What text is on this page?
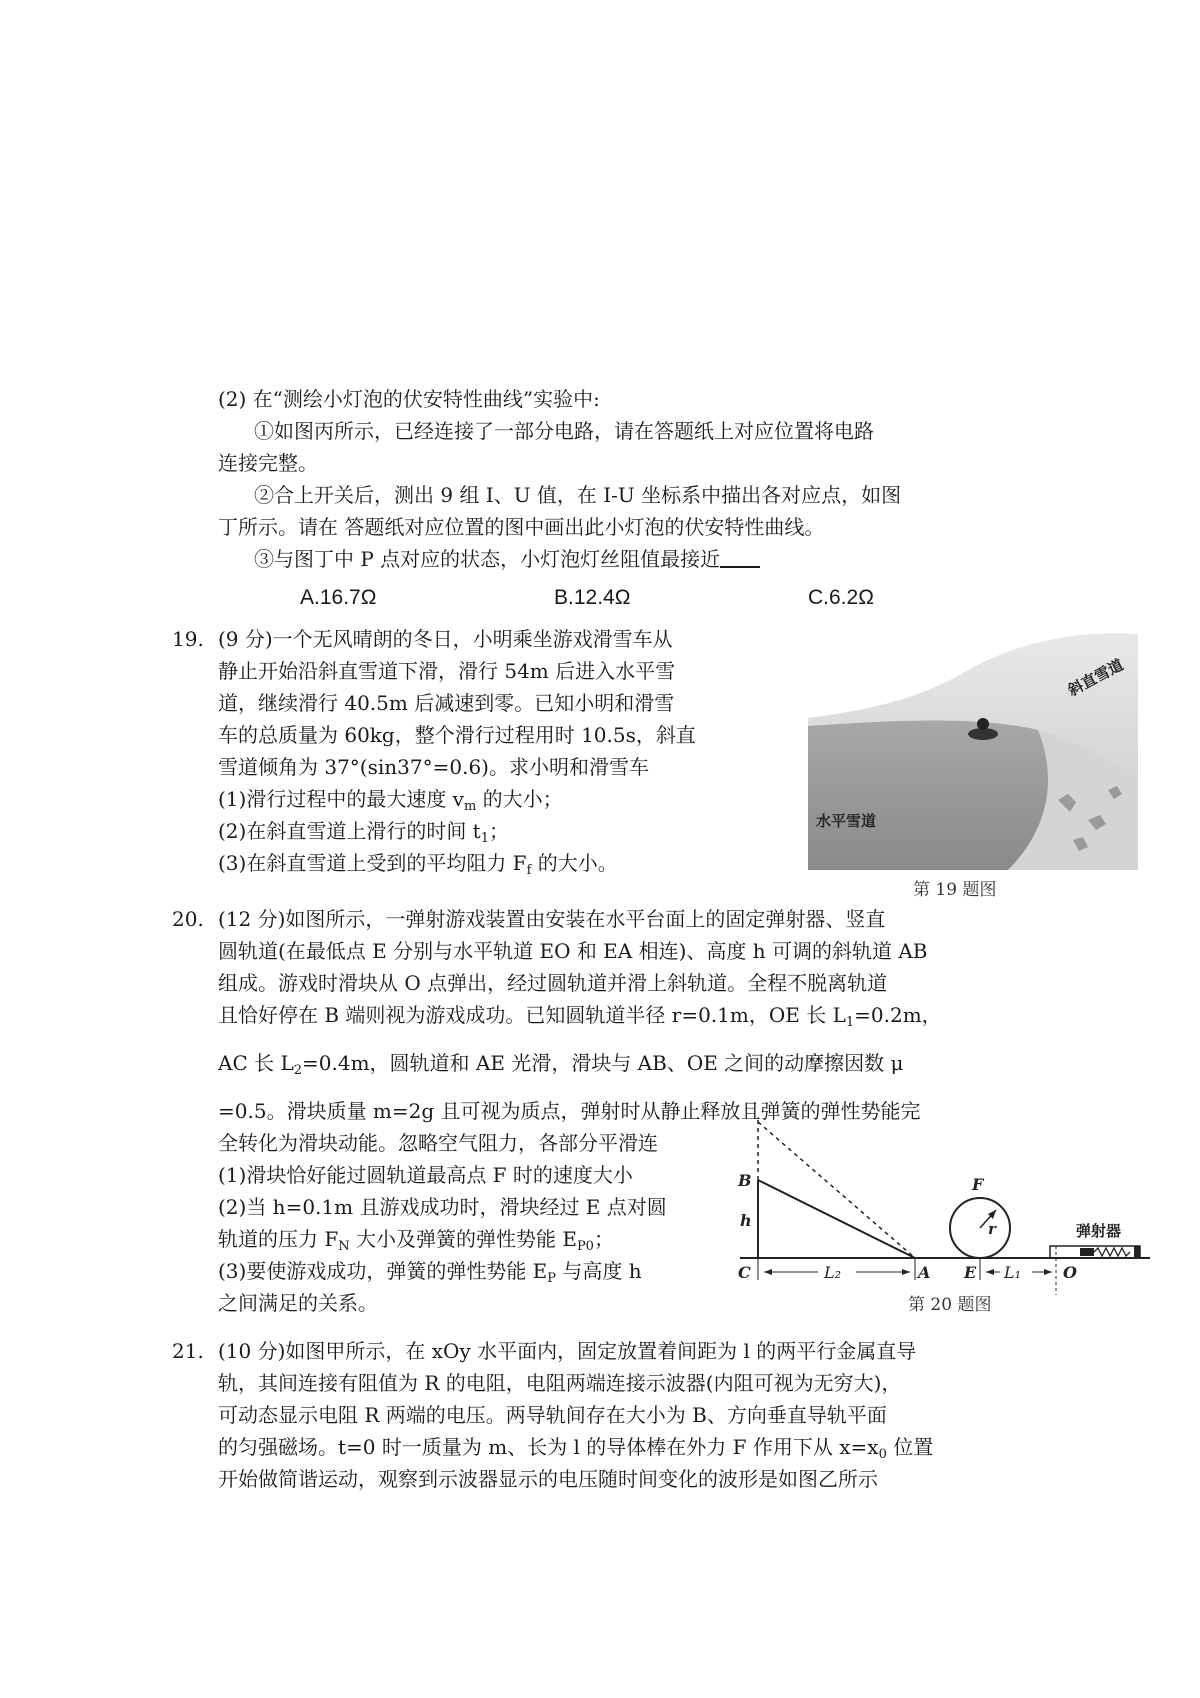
(2) 在“测绘小灯泡的伏安特性曲线”实验中:
①如图丙所示，已经连接了一部分电路，请在答题纸上对应位置将电路
连接完整。
②合上开关后，测出 9 组 I、U 值，在 I-U 坐标系中描出各对应点，如图
丁所示。请在 答题纸对应位置的图中画出此小灯泡的伏安特性曲线。
③与图丁中 P 点对应的状态，小灯泡灯丝阻值最接近
A.16.7Ω	B.12.4Ω	C.6.2Ω
19. (9 分)一个无风晴朗的冬日，小明乘坐游戏滑雪车从
静止开始沿斜直雪道下滑，滑行 54m 后进入水平雪
道，继续滑行 40.5m 后减速到零。已知小明和滑雪
车的总质量为 60kg，整个滑行过程用时 10.5s，斜直
雪道倾角为 37°(sin37°=0.6)。求小明和滑雪车
(1)滑行过程中的最大速度 $v_m$ 的大小；
(2)在斜直雪道上滑行的时间 $t_1$；
(3)在斜直雪道上受到的平均阻力 $F_f$ 的大小。
斜直雪道
水平雪道
第 19 题图
20. (12 分)如图所示，一弹射游戏装置由安装在水平台面上的固定弹射器、竖直
圆轨道(在最低点 E 分别与水平轨道 EO 和 EA 相连)、高度 h 可调的斜轨道 AB
组成。游戏时滑块从 O 点弹出，经过圆轨道并滑上斜轨道。全程不脱离轨道
且恰好停在 B 端则视为游戏成功。已知圆轨道半径 r=0.1m，OE 长 $L_1=0.2m$，
AC 长 $L_2=0.4m$，圆轨道和 AE 光滑，滑块与 AB、OE 之间的动摩擦因数 μ
=0.5。滑块质量 m=2g 且可视为质点，弹射时从静止释放且弹簧的弹性势能完
全转化为滑块动能。忽略空气阻力，各部分平滑连
(1)滑块恰好能过圆轨道最高点 F 时的速度大小
(2)当 h=0.1m 且游戏成功时，滑块经过 E 点对圆
轨道的压力 $F_N$ 大小及弹簧的弹性势能 $E_{P0}$；
(3)要使游戏成功，弹簧的弹性势能 $E_P$ 与高度 h
之间满足的关系。
B
h
C	A E	O
F
r
L₂	L₁
弹射器
第 20 题图
21. (10 分)如图甲所示，在 xOy 水平面内，固定放置着间距为 l 的两平行金属直导
轨，其间连接有阻值为 R 的电阻，电阻两端连接示波器(内阻可视为无穷大)，
可动态显示电阻 R 两端的电压。两导轨间存在大小为 B、方向垂直导轨平面
的匀强磁场。t=0 时一质量为 m、长为 l 的导体棒在外力 F 作用下从 $x=x_0$ 位置
开始做简谐运动，观察到示波器显示的电压随时间变化的波形是如图乙所示
